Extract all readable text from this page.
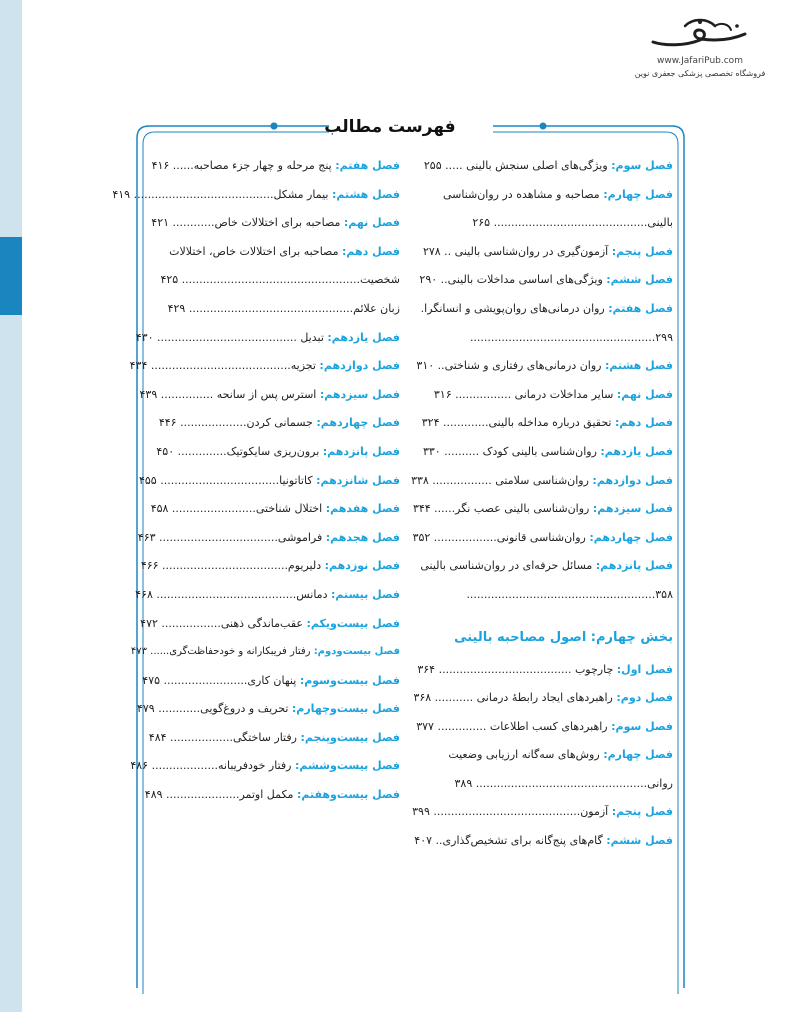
www.JafariPub.com
فروشگاه تخصصی پزشکی جعفری نوین
فهرست مطالب
فصل سوم: ویژگی‌های اصلی سنجش بالینی ..... ۲۵۵
فصل چهارم: مصاحبه و مشاهده در روان‌شناسی بالینی............................................ ۲۶۵
فصل پنجم: آزمون‌گیری در روان‌شناسی بالینی .. ۲۷۸
فصل ششم: ویژگی‌های اساسی مداخلات بالینی.. ۲۹۰
فصل هفتم: روان درمانی‌های روان‌پویشی و انسانگرا. ۲۹۹.....................................................
فصل هشتم: روان درمانی‌های رفتاری و شناختی.. ۳۱۰
فصل نهم: سایر مداخلات درمانی ................ ۳۱۶
فصل دهم: تحقیق درباره مداخله بالینی............. ۳۲۴
فصل یازدهم: روان‌شناسی بالینی کودک .......... ۳۳۰
فصل دوازدهم: روان‌شناسی سلامتی ................. ۳۳۸
فصل سیزدهم: روان‌شناسی بالینی عصب نگر...... ۳۴۴
فصل چهاردهم: روان‌شناسی قانونی.................. ۳۵۲
فصل پانزدهم: مسائل حرفه‌ای در روان‌شناسی بالینی ۳۵۸......................................................
بخش چهارم: اصول مصاحبه بالینی
فصل اول: چارچوب ...................................... ۳۶۴
فصل دوم: راهبردهای ایجاد رابطهٔ درمانی ........... ۳۶۸
فصل سوم: راهبردهای کسب اطلاعات .............. ۳۷۷
فصل چهارم: روش‌های سه‌گانه ارزیابی وضعیت روانی................................................. ۳۸۹
فصل پنجم: آزمون.......................................... ۳۹۹
فصل ششم: گام‌های پنج‌گانه برای تشخیص‌گذاری.. ۴۰۷
فصل هفتم: پنج مرحله و چهار جزء مصاحبه...... ۴۱۶
فصل هشتم: بیمار مشکل........................................ ۴۱۹
فصل نهم: مصاحبه برای اختلالات خاص............ ۴۲۱
فصل دهم: مصاحبه برای اختلالات خاص، اختلالات شخصیت................................................... ۴۲۵
زبان علائم............................................... ۴۲۹
فصل یازدهم: تبدیل ........................................ ۴۳۰
فصل دوازدهم: تجزیه........................................ ۴۳۴
فصل سیزدهم: استرس پس از سانحه ............... ۴۳۹
فصل چهاردهم: جسمانی کردن................... ۴۴۶
فصل پانزدهم: برون‌ریزی سایکوتیک.............. ۴۵۰
فصل شانزدهم: کاتاتونیا.................................. ۴۵۵
فصل هفدهم: اختلال شناختی........................ ۴۵۸
فصل هجدهم: فراموشی.................................. ۴۶۳
فصل نوزدهم: دلیریوم.................................... ۴۶۶
فصل بیستم: دمانس........................................ ۴۶۸
فصل بیست‌ویکم: عقب‌ماندگی ذهنی................. ۴۷۲
فصل بیست‌ودوم: رفتار فریبکارانه و خودحفاظت‌گری...... ۴۷۳
فصل بیست‌وسوم: پنهان کاری........................ ۴۷۵
فصل بیست‌وچهارم: تحریف و دروغ‌گویی............ ۴۷۹
فصل بیست‌وپنجم: رفتار ساختگی.................. ۴۸۴
فصل بیست‌وششم: رفتار خودفریبانه................... ۴۸۶
فصل بیست‌وهفتم: مکمل اوتمر..................... ۴۸۹
